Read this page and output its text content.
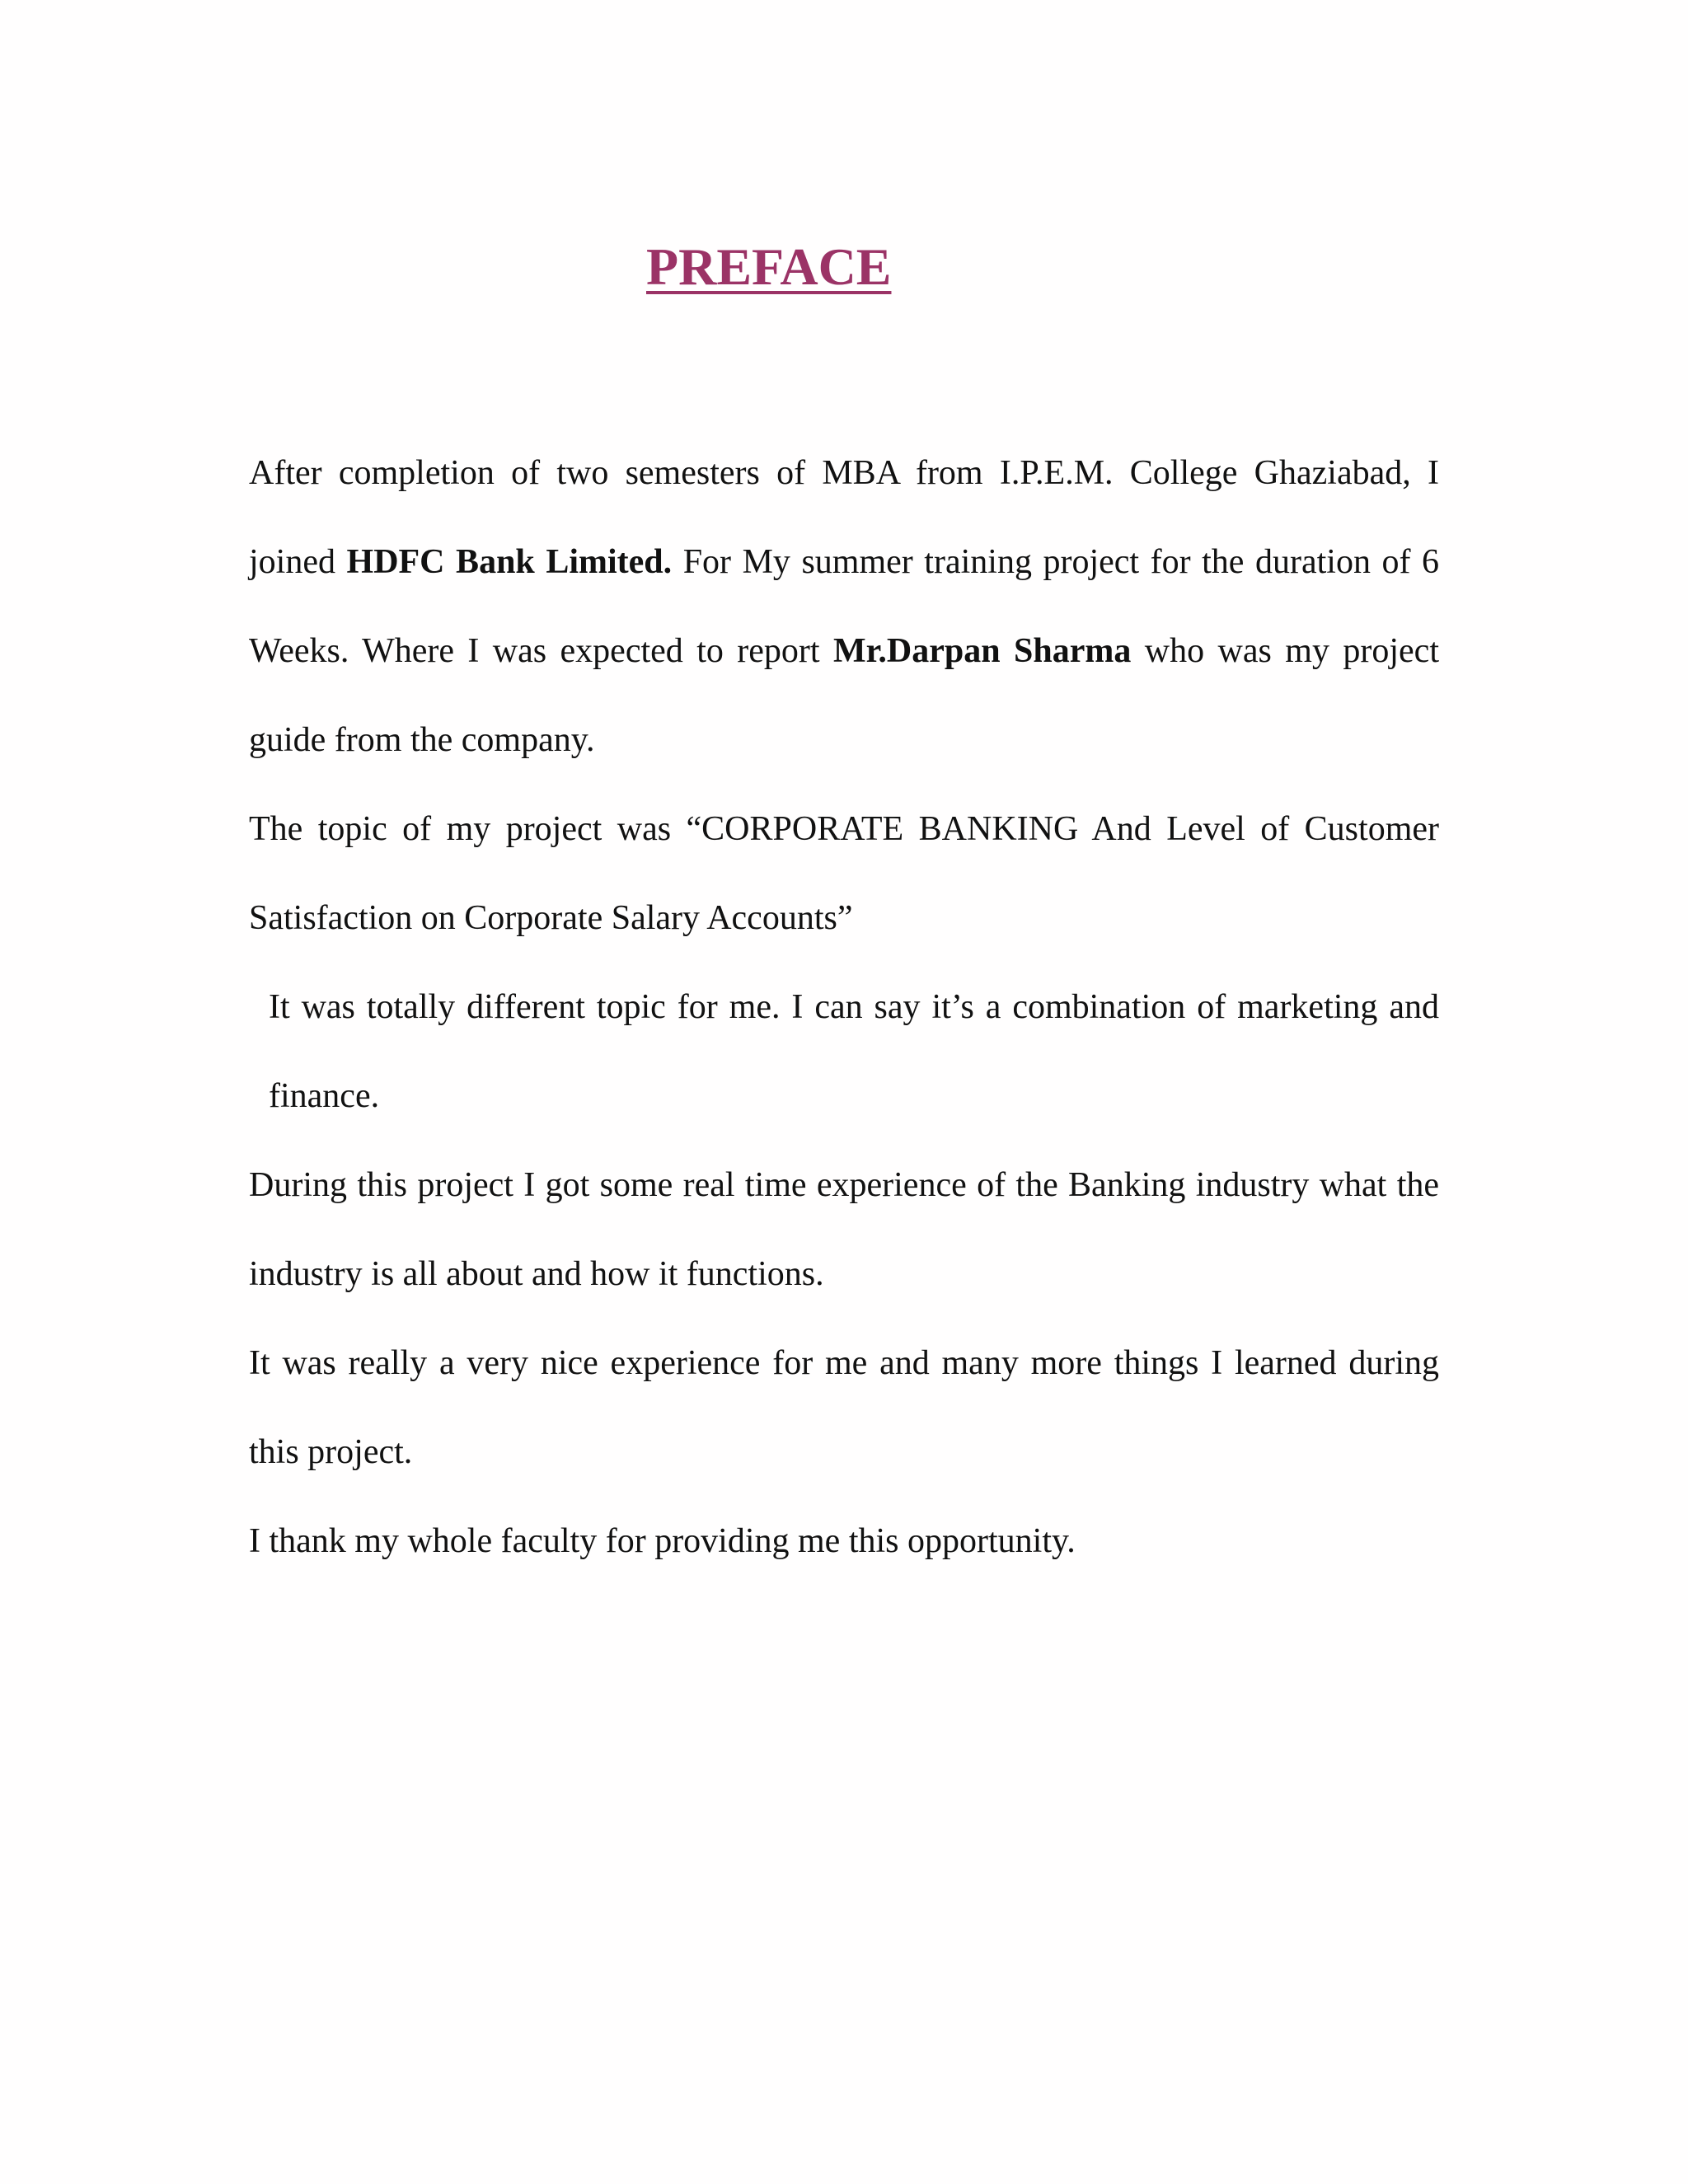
PREFACE

After completion of two semesters of MBA from I.P.E.M. College Ghaziabad, I joined HDFC Bank Limited. For My summer training project for the duration of 6 Weeks. Where I was expected to report Mr.Darpan Sharma who was my project guide from the company.

The topic of my project was “CORPORATE BANKING And Level of Customer Satisfaction on Corporate Salary Accounts”

It was totally different topic for me. I can say it’s a combination of marketing and finance.

During this project I got some real time experience of the Banking industry what the industry is all about and how it functions.

It was really a very nice experience for me and many more things I learned during this project.

I thank my whole faculty for providing me this opportunity.
